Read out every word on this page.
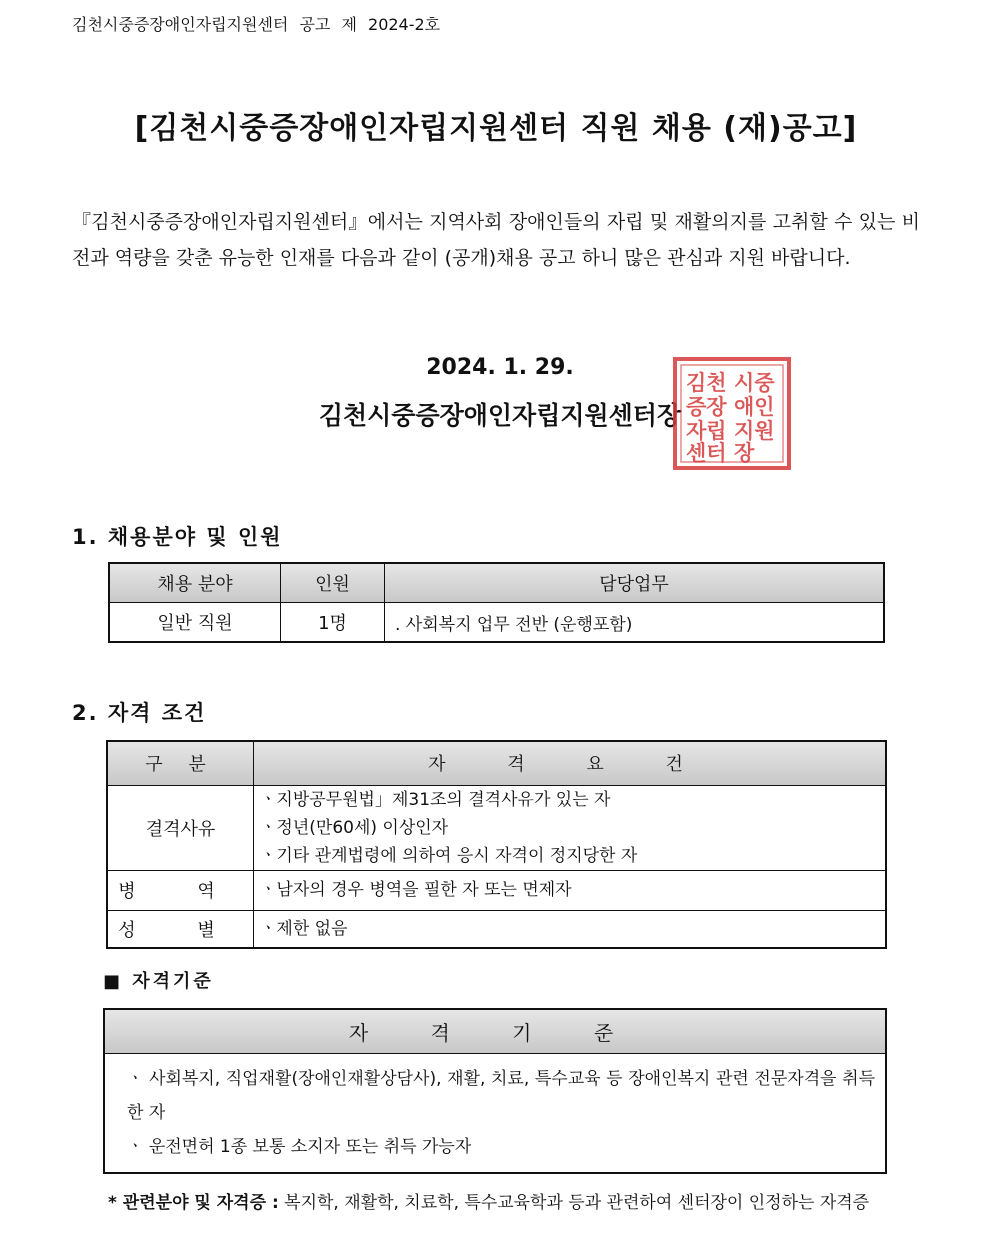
김천시중증장애인자립지원센터 공고 제 2024-2호
[김천시중증장애인자립지원센터 직원 채용 (재)공고]
『김천시중증장애인자립지원센터』에서는 지역사회 장애인들의 자립 및 재활의지를 고취할 수 있는 비전과 역량을 갖춘 유능한 인재를 다음과 같이 (공개)채용 공고 하니 많은 관심과 지원 바랍니다.
2024. 1. 29.
김천시중증장애인자립지원센터장
김천 시중
증장 애인
자립 지원
센터 장
1. 채용분야 및 인원
채용 분야	인원	담당업무
일반 직원	1명	. 사회복지 업무 전반 (운행포함)
2. 자격 조건
구 분	자 격 요 건
결격사유	ㆍ지방공무원법」제31조의 결격사유가 있는 자
ㆍ정년(만60세) 이상인자
ㆍ기타 관계법령에 의하여 응시 자격이 정지당한 자

병 역	ㆍ남자의 경우 병역을 필한 자 또는 면제자

성 별	ㆍ제한 없음
■ 자격기준
자 격 기 준

ㆍ 사회복지, 직업재활(장애인재활상담사), 재활, 치료, 특수교육 등 장애인복지 관련 전문자격을 취득한 자
ㆍ 운전면허 1종 보통 소지자 또는 취득 가능자
* 관련분야 및 자격증 : 복지학, 재활학, 치료학, 특수교육학과 등과 관련하여 센터장이 인정하는 자격증
